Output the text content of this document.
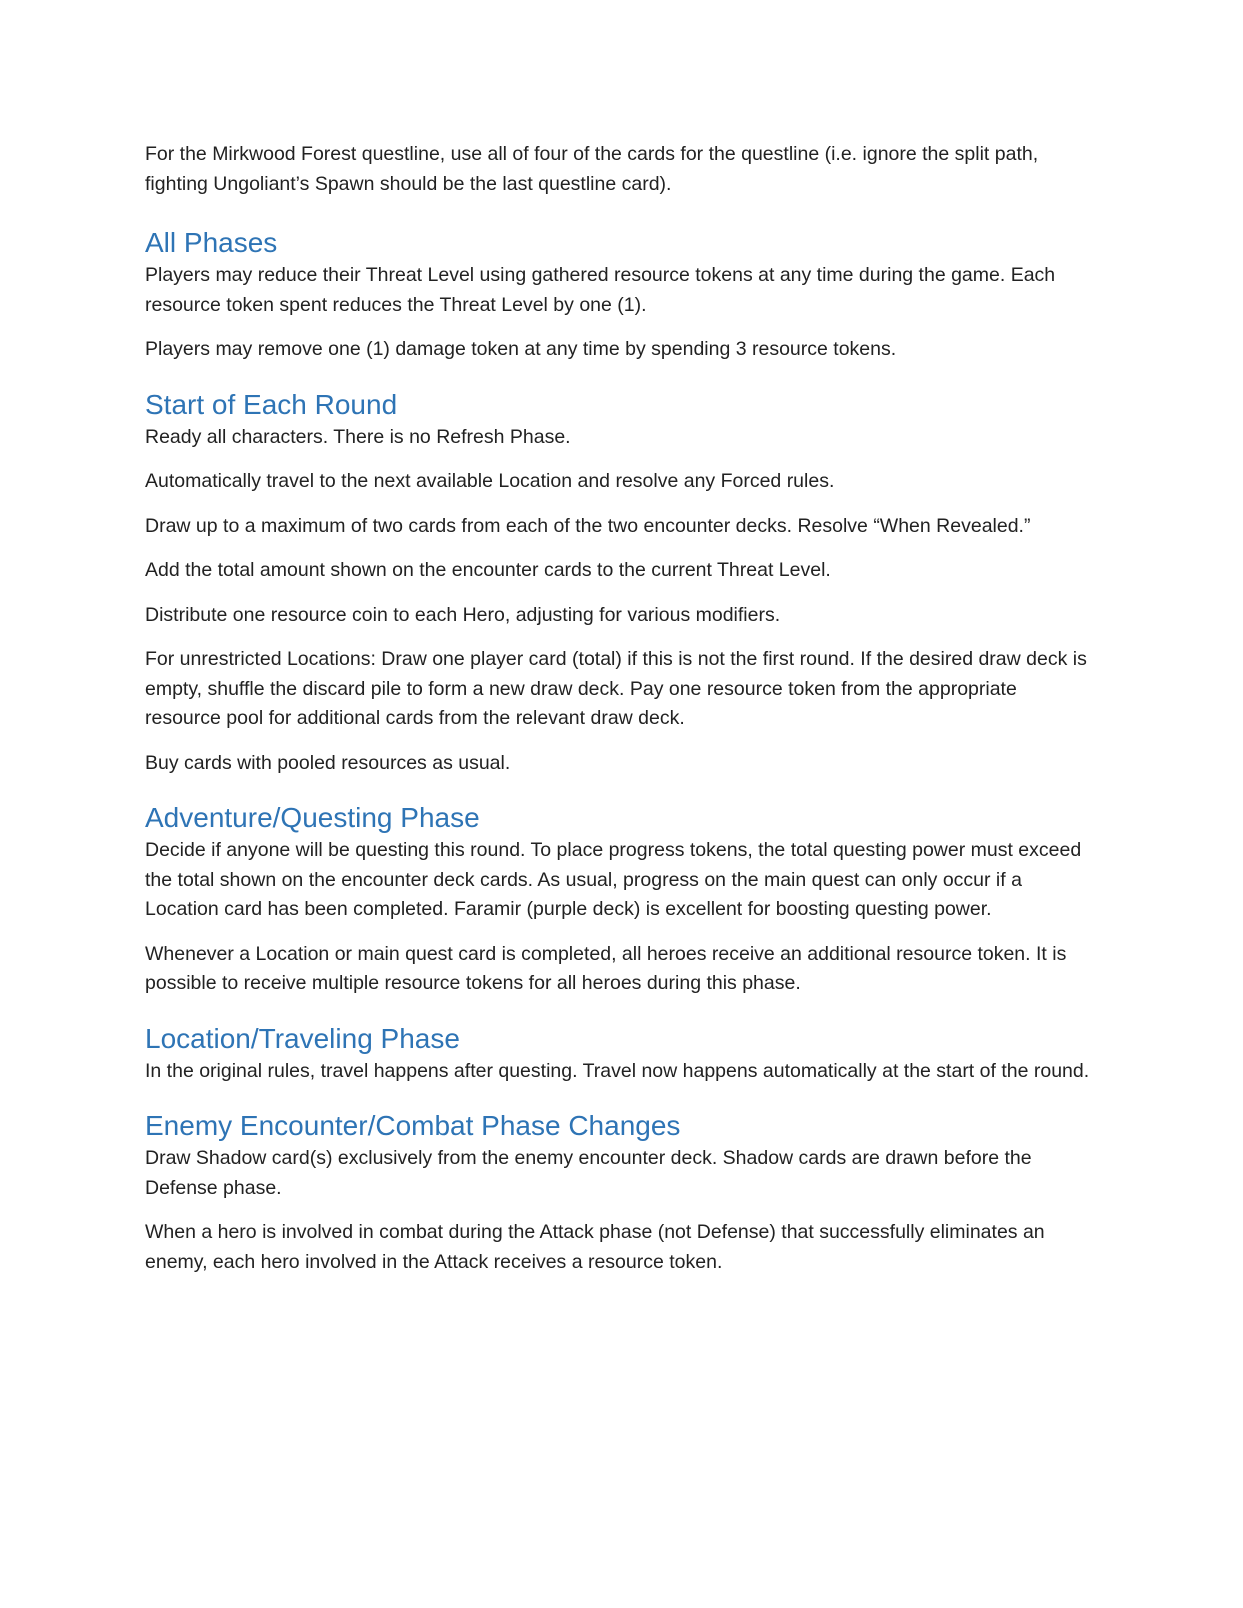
For the Mirkwood Forest questline, use all of four of the cards for the questline (i.e. ignore the split path, fighting Ungoliant’s Spawn should be the last questline card).

All Phases

Players may reduce their Threat Level using gathered resource tokens at any time during the game. Each resource token spent reduces the Threat Level by one (1).

Players may remove one (1) damage token at any time by spending 3 resource tokens.

Start of Each Round

Ready all characters. There is no Refresh Phase.

Automatically travel to the next available Location and resolve any Forced rules.

Draw up to a maximum of two cards from each of the two encounter decks. Resolve “When Revealed.”

Add the total amount shown on the encounter cards to the current Threat Level.

Distribute one resource coin to each Hero, adjusting for various modifiers.

For unrestricted Locations: Draw one player card (total) if this is not the first round. If the desired draw deck is empty, shuffle the discard pile to form a new draw deck. Pay one resource token from the appropriate resource pool for additional cards from the relevant draw deck.

Buy cards with pooled resources as usual.

Adventure/Questing Phase

Decide if anyone will be questing this round. To place progress tokens, the total questing power must exceed the total shown on the encounter deck cards. As usual, progress on the main quest can only occur if a Location card has been completed. Faramir (purple deck) is excellent for boosting questing power.

Whenever a Location or main quest card is completed, all heroes receive an additional resource token. It is possible to receive multiple resource tokens for all heroes during this phase.

Location/Traveling Phase

In the original rules, travel happens after questing. Travel now happens automatically at the start of the round.

Enemy Encounter/Combat Phase Changes

Draw Shadow card(s) exclusively from the enemy encounter deck. Shadow cards are drawn before the Defense phase.

When a hero is involved in combat during the Attack phase (not Defense) that successfully eliminates an enemy, each hero involved in the Attack receives a resource token.
